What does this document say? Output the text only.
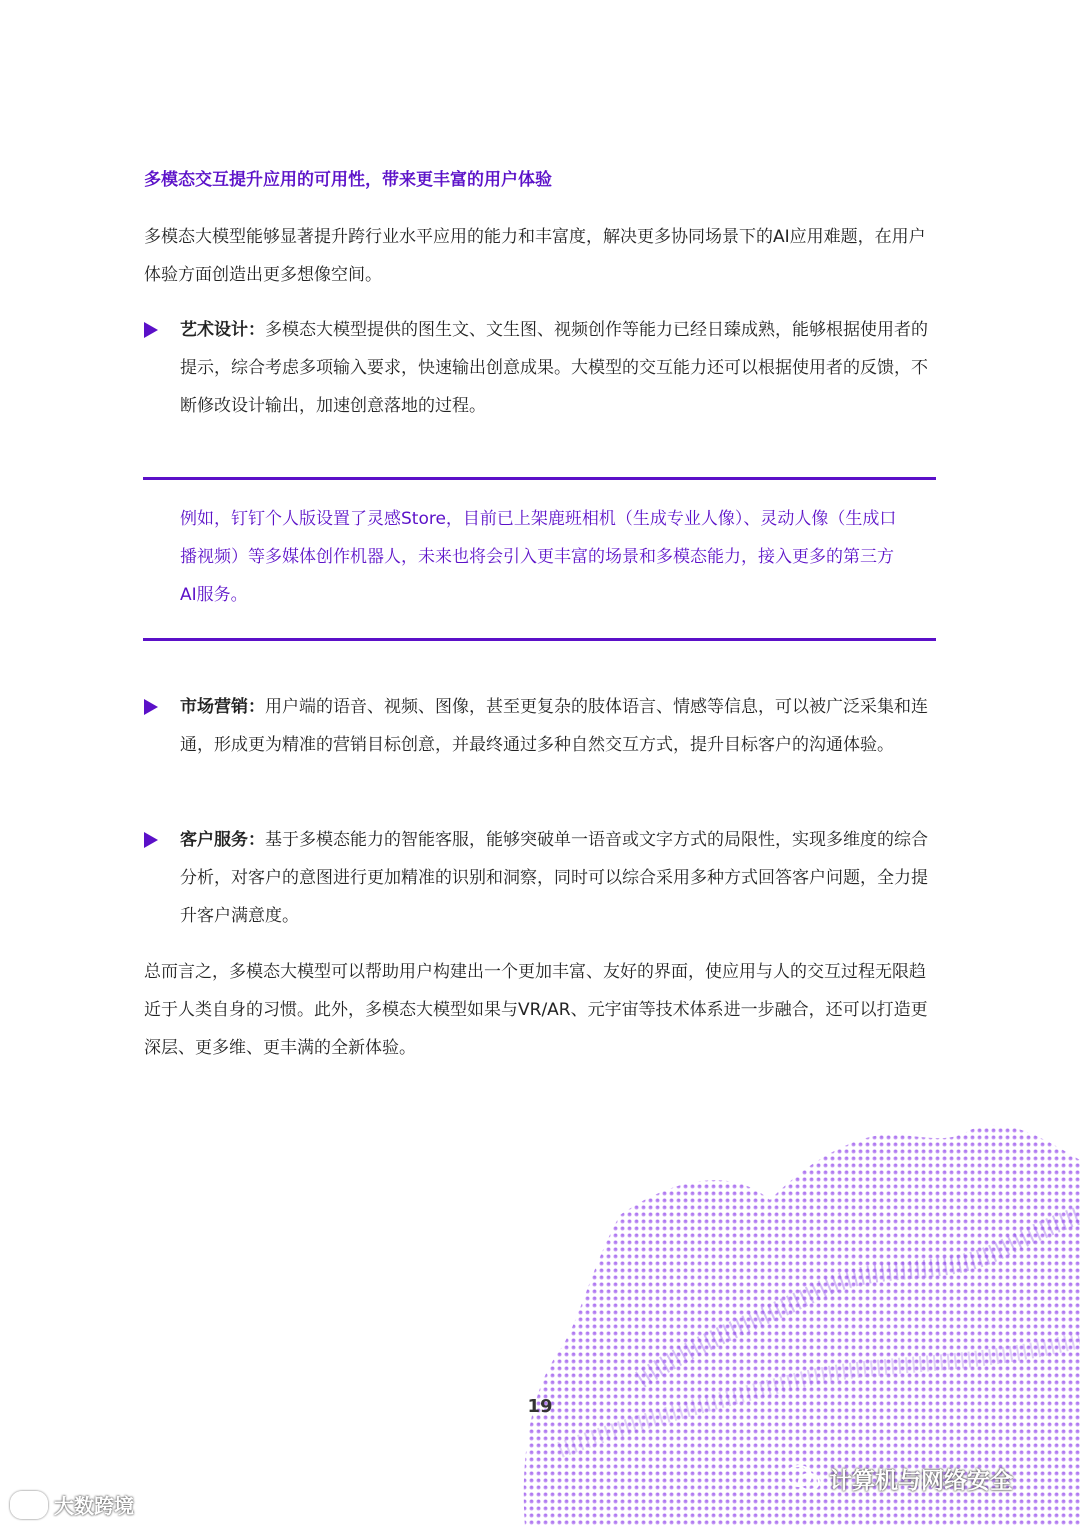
多模态交互提升应用的可用性，带来更丰富的用户体验
多模态大模型能够显著提升跨行业水平应用的能力和丰富度，解决更多协同场景下的AI应用难题，在用户体验方面创造出更多想像空间。
艺术设计：多模态大模型提供的图生文、文生图、视频创作等能力已经日臻成熟，能够根据使用者的提示，综合考虑多项输入要求，快速输出创意成果。大模型的交互能力还可以根据使用者的反馈，不断修改设计输出，加速创意落地的过程。
例如，钉钉个人版设置了灵感Store，目前已上架鹿班相机（生成专业人像）、灵动人像（生成口播视频）等多媒体创作机器人，未来也将会引入更丰富的场景和多模态能力，接入更多的第三方AI服务。
市场营销：用户端的语音、视频、图像，甚至更复杂的肢体语言、情感等信息，可以被广泛采集和连通，形成更为精准的营销目标创意，并最终通过多种自然交互方式，提升目标客户的沟通体验。
客户服务：基于多模态能力的智能客服，能够突破单一语音或文字方式的局限性，实现多维度的综合分析，对客户的意图进行更加精准的识别和洞察，同时可以综合采用多种方式回答客户问题，全力提升客户满意度。
总而言之，多模态大模型可以帮助用户构建出一个更加丰富、友好的界面，使应用与人的交互过程无限趋近于人类自身的习惯。此外，多模态大模型如果与VR/AR、元宇宙等技术体系进一步融合，还可以打造更深层、更多维、更丰满的全新体验。
19
大数跨境
计算机与网络安全
